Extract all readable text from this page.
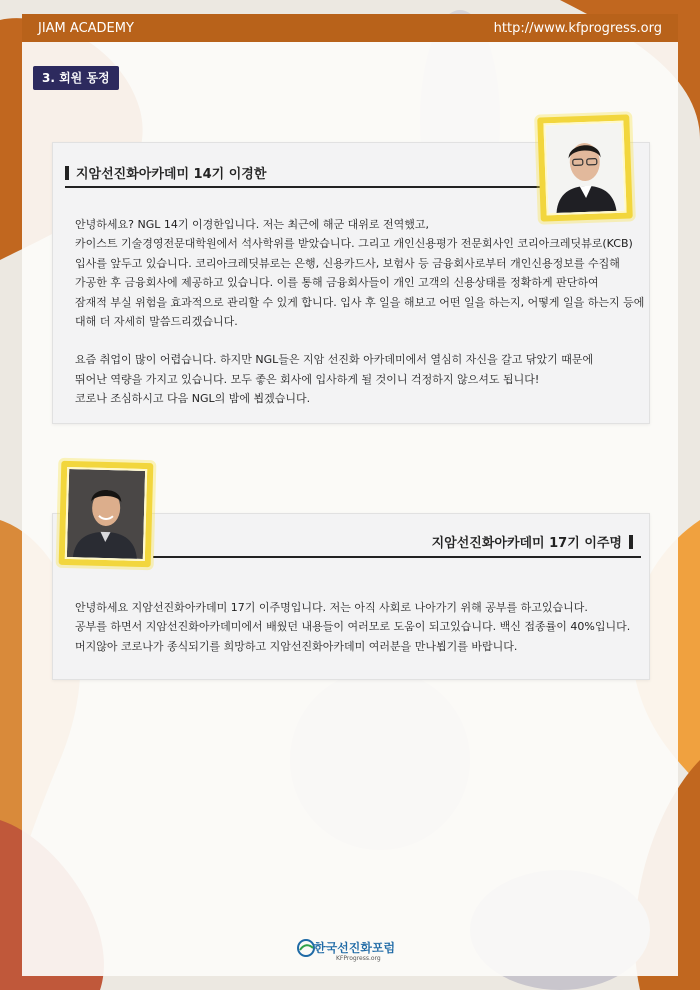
JIAM ACADEMY	http://www.kfprogress.org
3. 회원 동정
지암선진화아카데미 14기 이경한

안녕하세요? NGL 14기 이경한입니다. 저는 최근에 해군 대위로 전역했고,

카이스트 기술경영전문대학원에서 석사학위를 받았습니다. 그리고 개인신용평가 전문회사인 코리아크레딧뷰로(KCB)

입사를 앞두고 있습니다. 코리아크레딧뷰로는 은행, 신용카드사, 보험사 등 금융회사로부터 개인신용정보를 수집해

가공한 후 금융회사에 제공하고 있습니다. 이를 통해 금융회사들이 개인 고객의 신용상태를 정확하게 판단하여

잠재적 부실 위험을 효과적으로 관리할 수 있게 합니다. 입사 후 일을 해보고 어떤 일을 하는지, 어떻게 일을 하는지 등에

대해 더 자세히 말씀드리겠습니다.

요즘 취업이 많이 어렵습니다. 하지만 NGL들은 지암 선진화 아카데미에서 열심히 자신을 갈고 닦았기 때문에

뛰어난 역량을 가지고 있습니다. 모두 좋은 회사에 입사하게 될 것이니 걱정하지 않으셔도 됩니다!

코로나 조심하시고 다음 NGL의 밤에 뵙겠습니다.

지암선진화아카데미 17기 이주명

안녕하세요 지암선진화아카데미 17기 이주명입니다. 저는 아직 사회로 나아가기 위해 공부를 하고있습니다.

공부를 하면서 지암선진화아카데미에서 배웠던 내용들이 여러모로 도움이 되고있습니다. 백신 접종률이 40%입니다.

머지않아 코로나가 종식되기를 희망하고 지암선진화아카데미 여러분을 만나뵙기를 바랍니다.

한국선진화포럼
KFProgress.org
